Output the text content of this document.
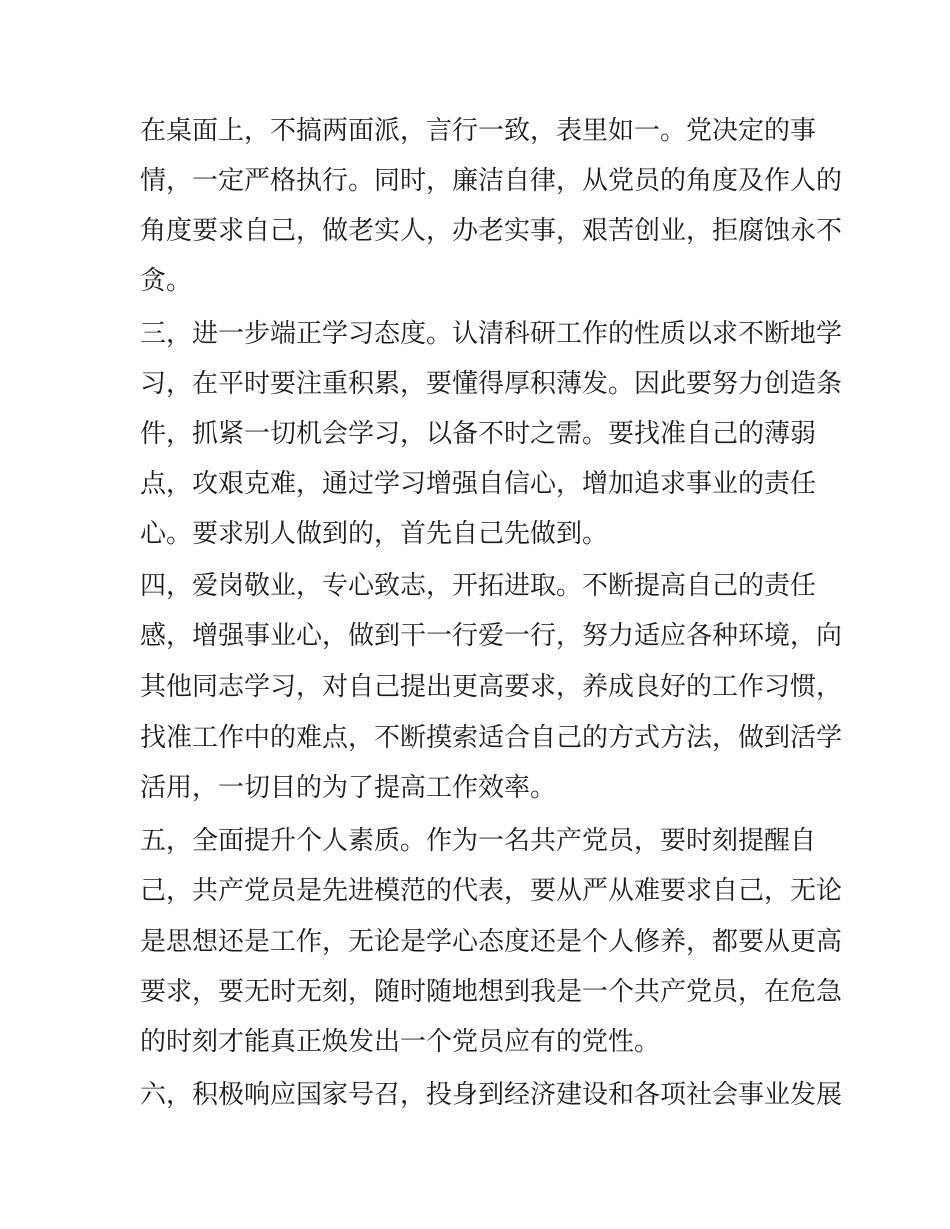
在桌面上，不搞两面派，言行一致，表里如一。党决定的事
情，一定严格执行。同时，廉洁自律，从党员的角度及作人的
角度要求自己，做老实人，办老实事，艰苦创业，拒腐蚀永不
贪。
三，进一步端正学习态度。认清科研工作的性质以求不断地学
习，在平时要注重积累，要懂得厚积薄发。因此要努力创造条
件，抓紧一切机会学习，以备不时之需。要找准自己的薄弱
点，攻艰克难，通过学习增强自信心，增加追求事业的责任
心。要求别人做到的，首先自己先做到。
四，爱岗敬业，专心致志，开拓进取。不断提高自己的责任
感，增强事业心，做到干一行爱一行，努力适应各种环境，向
其他同志学习，对自己提出更高要求，养成良好的工作习惯，
找准工作中的难点，不断摸索适合自己的方式方法，做到活学
活用，一切目的为了提高工作效率。
五，全面提升个人素质。作为一名共产党员，要时刻提醒自
己，共产党员是先进模范的代表，要从严从难要求自己，无论
是思想还是工作，无论是学心态度还是个人修养，都要从更高
要求，要无时无刻，随时随地想到我是一个共产党员，在危急
的时刻才能真正焕发出一个党员应有的党性。
六，积极响应国家号召，投身到经济建设和各项社会事业发展
